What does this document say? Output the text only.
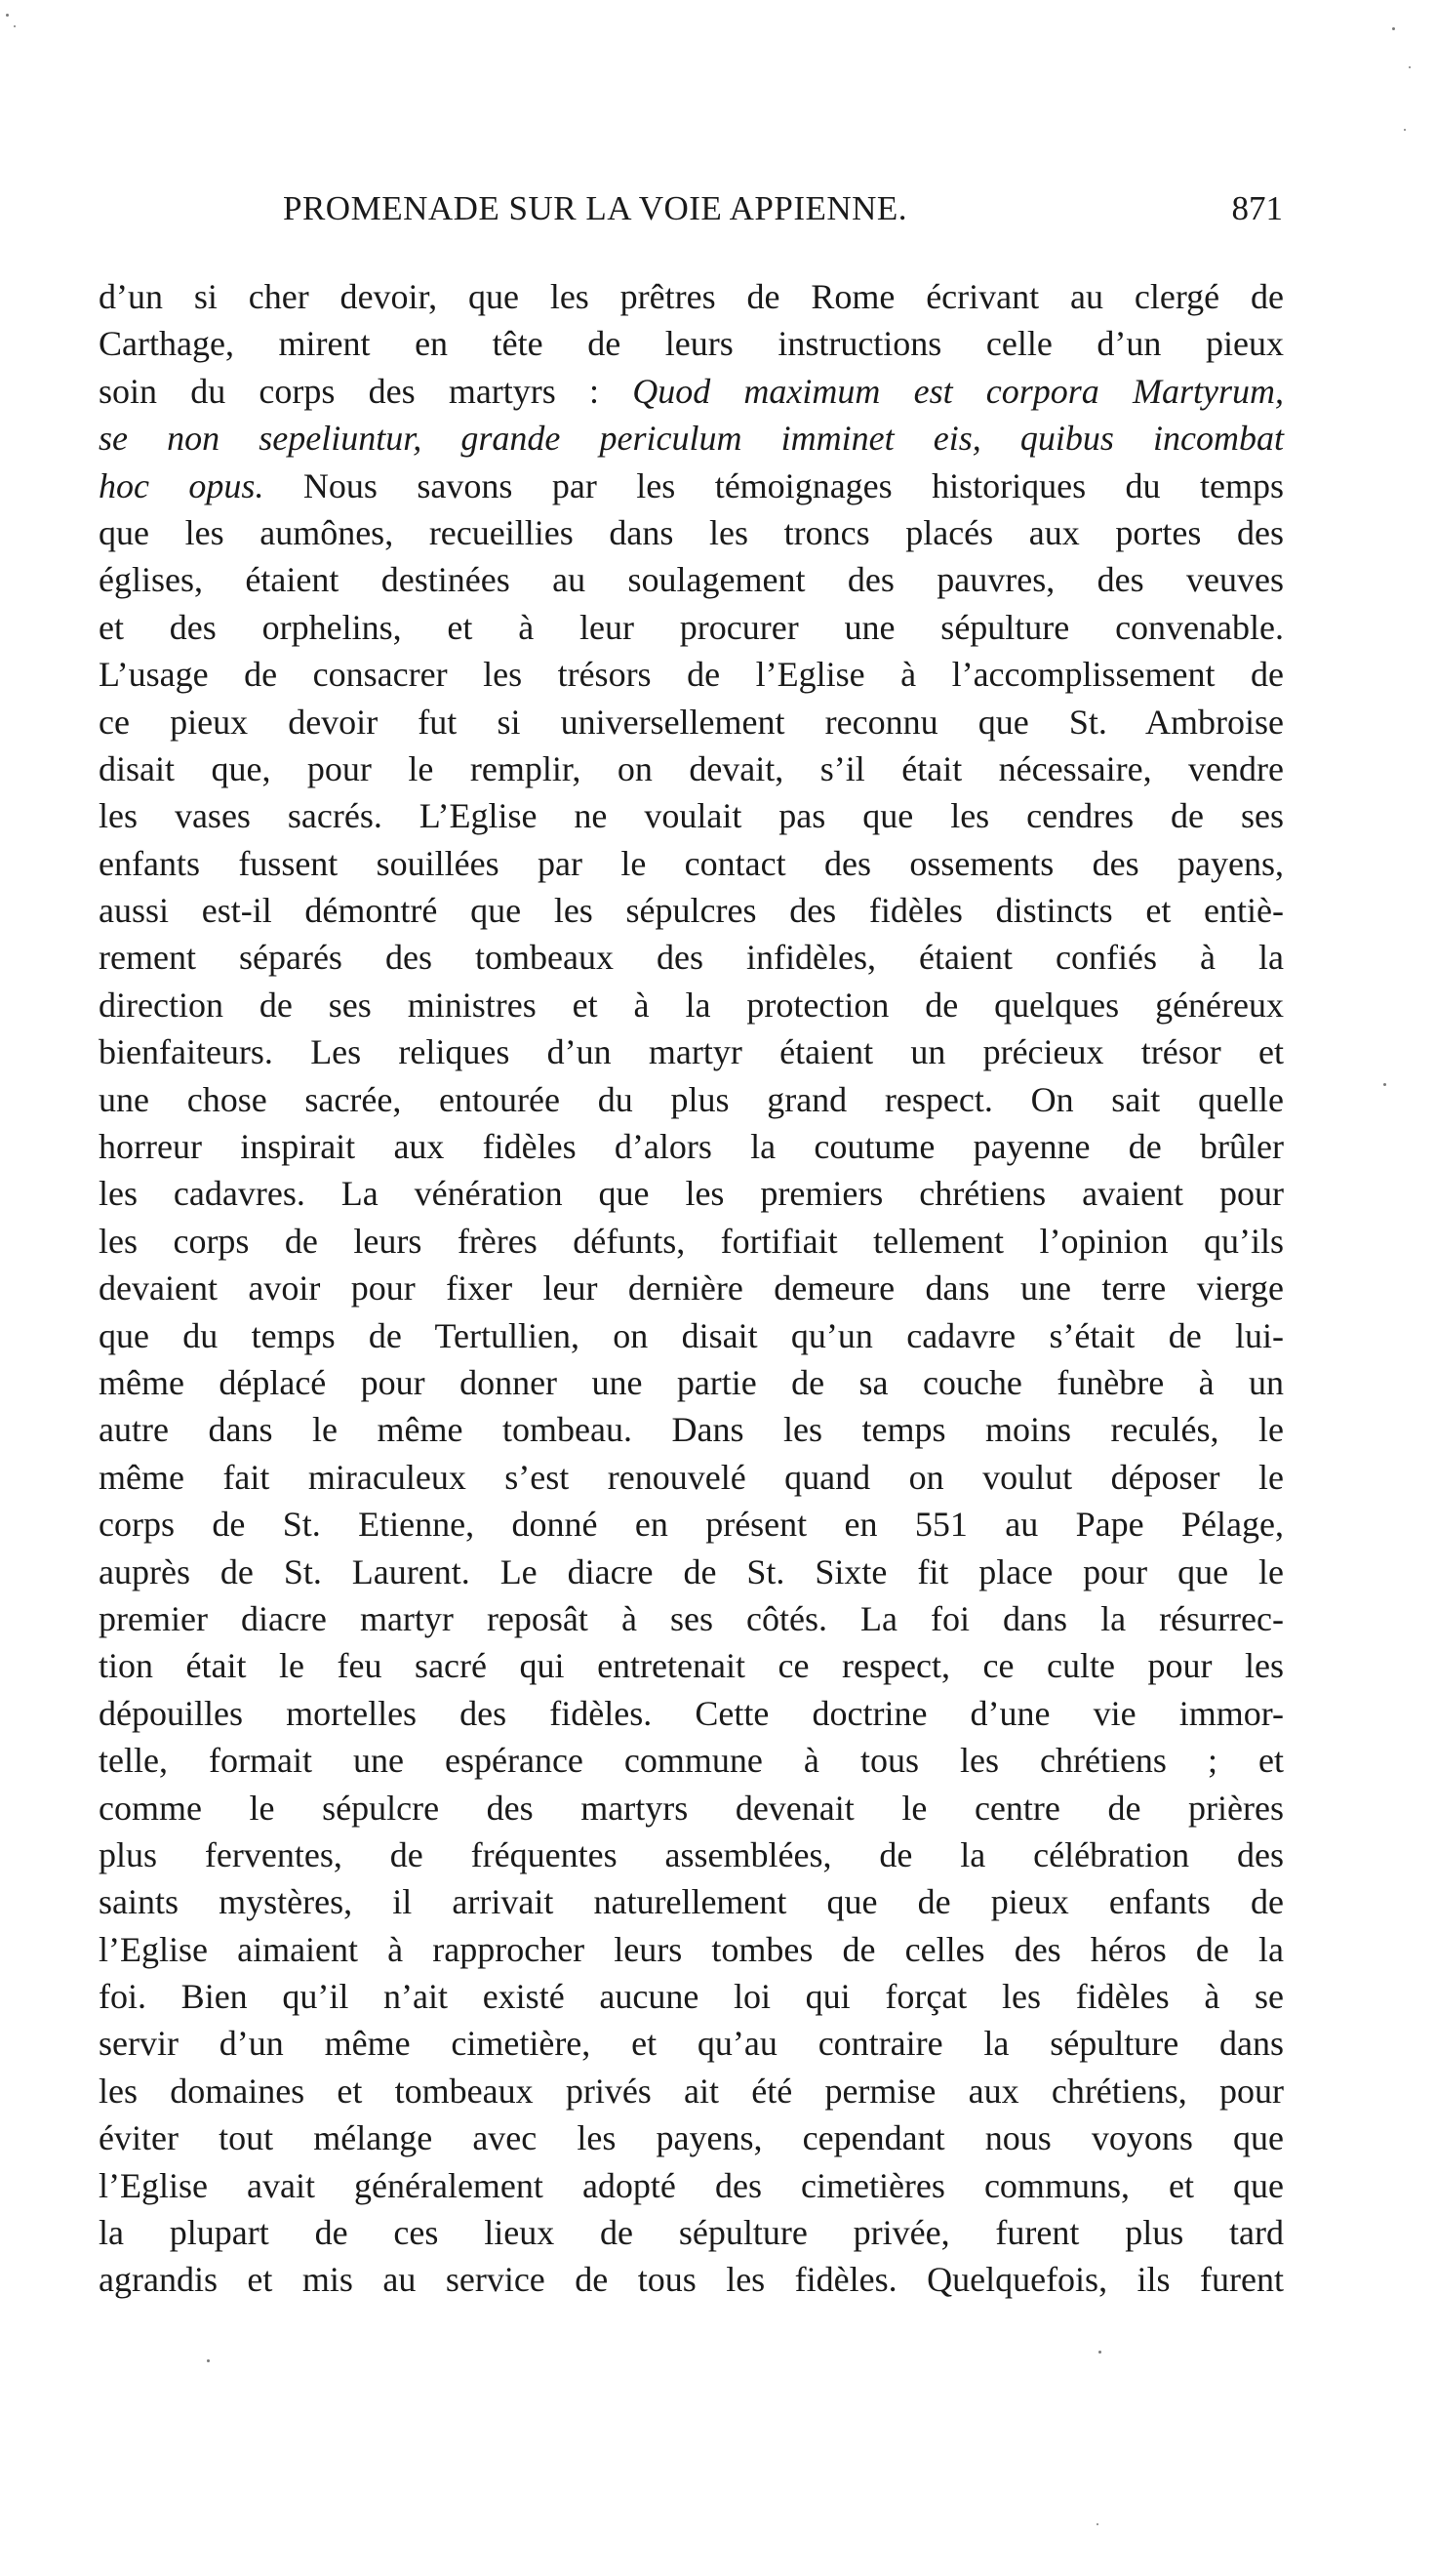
PROMENADE SUR LA VOIE APPIENNE.	871
d’un si cher devoir, que les prêtres de Rome écrivant au clergé de
Carthage, mirent en tête de leurs instructions celle d’un pieux
soin du corps des martyrs : Quod maximum est corpora Martyrum,
se non sepeliuntur, grande periculum imminet eis, quibus incombat
hoc opus. Nous savons par les témoignages historiques du temps
que les aumônes, recueillies dans les troncs placés aux portes des
églises, étaient destinées au soulagement des pauvres, des veuves
et des orphelins, et à leur procurer une sépulture convenable.
L’usage de consacrer les trésors de l’Eglise à l’accomplissement de
ce pieux devoir fut si universellement reconnu que St. Ambroise
disait que, pour le remplir, on devait, s’il était nécessaire, vendre
les vases sacrés. L’Eglise ne voulait pas que les cendres de ses
enfants fussent souillées par le contact des ossements des payens,
aussi est-il démontré que les sépulcres des fidèles distincts et entiè-
rement séparés des tombeaux des infidèles, étaient confiés à la
direction de ses ministres et à la protection de quelques généreux
bienfaiteurs. Les reliques d’un martyr étaient un précieux trésor et
une chose sacrée, entourée du plus grand respect. On sait quelle
horreur inspirait aux fidèles d’alors la coutume payenne de brûler
les cadavres. La vénération que les premiers chrétiens avaient pour
les corps de leurs frères défunts, fortifiait tellement l’opinion qu’ils
devaient avoir pour fixer leur dernière demeure dans une terre vierge
que du temps de Tertullien, on disait qu’un cadavre s’était de lui-
même déplacé pour donner une partie de sa couche funèbre à un
autre dans le même tombeau. Dans les temps moins reculés, le
même fait miraculeux s’est renouvelé quand on voulut déposer le
corps de St. Etienne, donné en présent en 551 au Pape Pélage,
auprès de St. Laurent. Le diacre de St. Sixte fit place pour que le
premier diacre martyr reposât à ses côtés. La foi dans la résurrec-
tion était le feu sacré qui entretenait ce respect, ce culte pour les
dépouilles mortelles des fidèles. Cette doctrine d’une vie immor-
telle, formait une espérance commune à tous les chrétiens ; et
comme le sépulcre des martyrs devenait le centre de prières
plus ferventes, de fréquentes assemblées, de la célébration des
saints mystères, il arrivait naturellement que de pieux enfants de
l’Eglise aimaient à rapprocher leurs tombes de celles des héros de la
foi. Bien qu’il n’ait existé aucune loi qui forçat les fidèles à se
servir d’un même cimetière, et qu’au contraire la sépulture dans
les domaines et tombeaux privés ait été permise aux chrétiens, pour
éviter tout mélange avec les payens, cependant nous voyons que
l’Eglise avait généralement adopté des cimetières communs, et que
la plupart de ces lieux de sépulture privée, furent plus tard
agrandis et mis au service de tous les fidèles. Quelquefois, ils furent
